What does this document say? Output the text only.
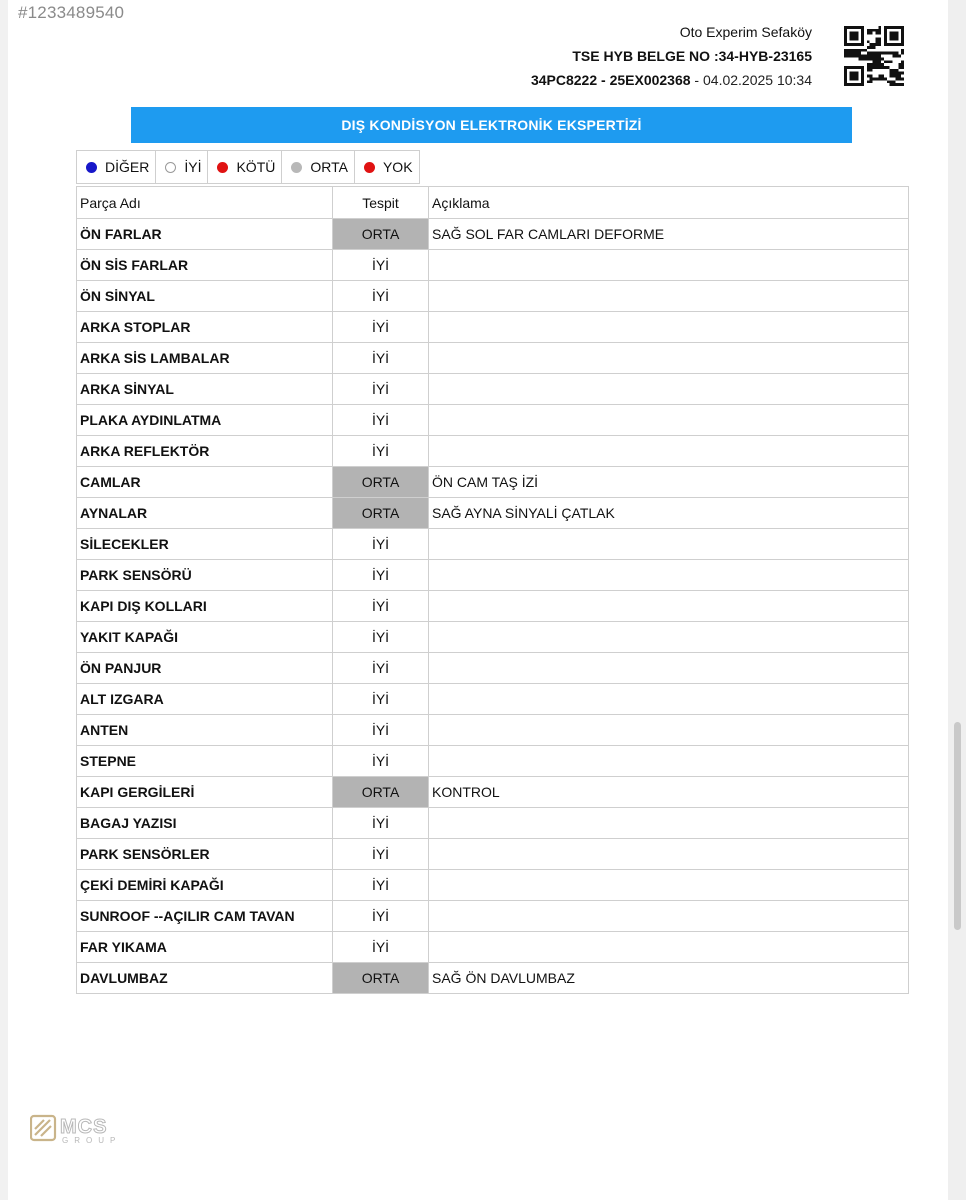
#1233489540
Oto Experim Sefaköy
TSE HYB BELGE NO :34-HYB-23165
34PC8222 - 25EX002368 - 04.02.2025 10:34
DIŞ KONDİSYON ELEKTRONİK EKSPERTİZİ
DİĞER	İYİ	KÖTÜ	ORTA	YOK
Parça Adı	Tespit	Açıklama
ÖN FARLAR	ORTA	SAĞ SOL FAR CAMLARI DEFORME
ÖN SİS FARLAR	İYİ	
ÖN SİNYAL	İYİ	
ARKA STOPLAR	İYİ	
ARKA SİS LAMBALAR	İYİ	
ARKA SİNYAL	İYİ	
PLAKA AYDINLATMA	İYİ	
ARKA REFLEKTÖR	İYİ	
CAMLAR	ORTA	ÖN CAM TAŞ İZİ
AYNALAR	ORTA	SAĞ AYNA SİNYALİ ÇATLAK
SİLECEKLER	İYİ	
PARK SENSÖRÜ	İYİ	
KAPI DIŞ KOLLARI	İYİ	
YAKIT KAPAĞI	İYİ	
ÖN PANJUR	İYİ	
ALT IZGARA	İYİ	
ANTEN	İYİ	
STEPNE	İYİ	
KAPI GERGİLERİ	ORTA	KONTROL
BAGAJ YAZISI	İYİ	
PARK SENSÖRLER	İYİ	
ÇEKİ DEMİRİ KAPAĞI	İYİ	
SUNROOF --AÇILIR CAM TAVAN	İYİ	
FAR YIKAMA	İYİ	
DAVLUMBAZ	ORTA	SAĞ ÖN DAVLUMBAZ
MCS
GROUP
